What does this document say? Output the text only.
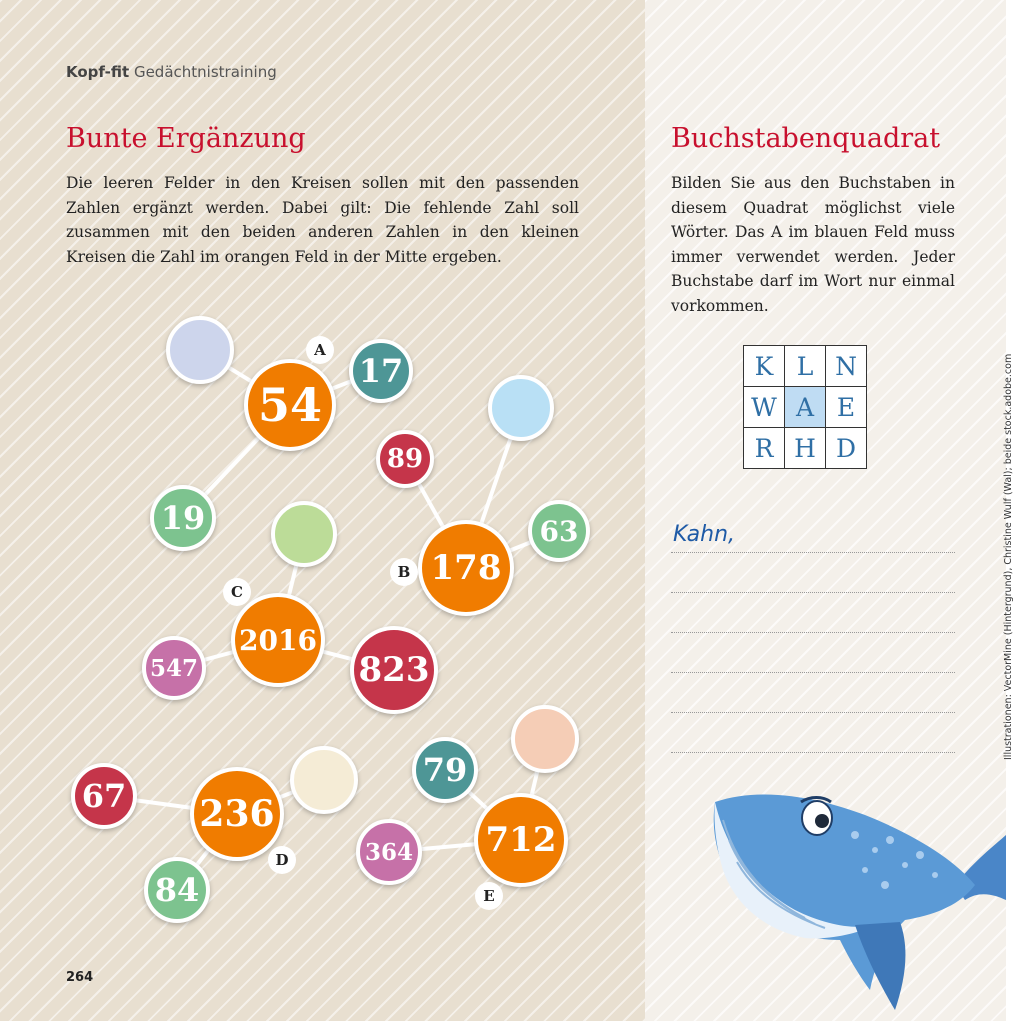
Kopf-fit Gedächtnistraining
Bunte Ergänzung

Die leeren Felder in den Kreisen sollen mit den passenden Zahlen ergänzt werden. Dabei gilt: Die fehlende Zahl soll zusammen mit den beiden anderen Zahlen in den kleinen Kreisen die Zahl im orangen Feld in der Mitte ergeben.

54
17
19
A
89
178
63
B
2016
547	823
C
67 236
84
D
79
364	712
E
264
Buchstabenquadrat

Bilden Sie aus den Buchstaben in diesem Quadrat möglichst viele Wörter. Das A im blauen Feld muss immer verwendet werden. Jeder Buchstabe darf im Wort nur einmal vorkommen.

K	L	N
W	A	E
R	H	D
Kahn,	Illustrationen: VectorMine (Hintergrund), Christine Wulf (Wal); beide stock.adobe.com
